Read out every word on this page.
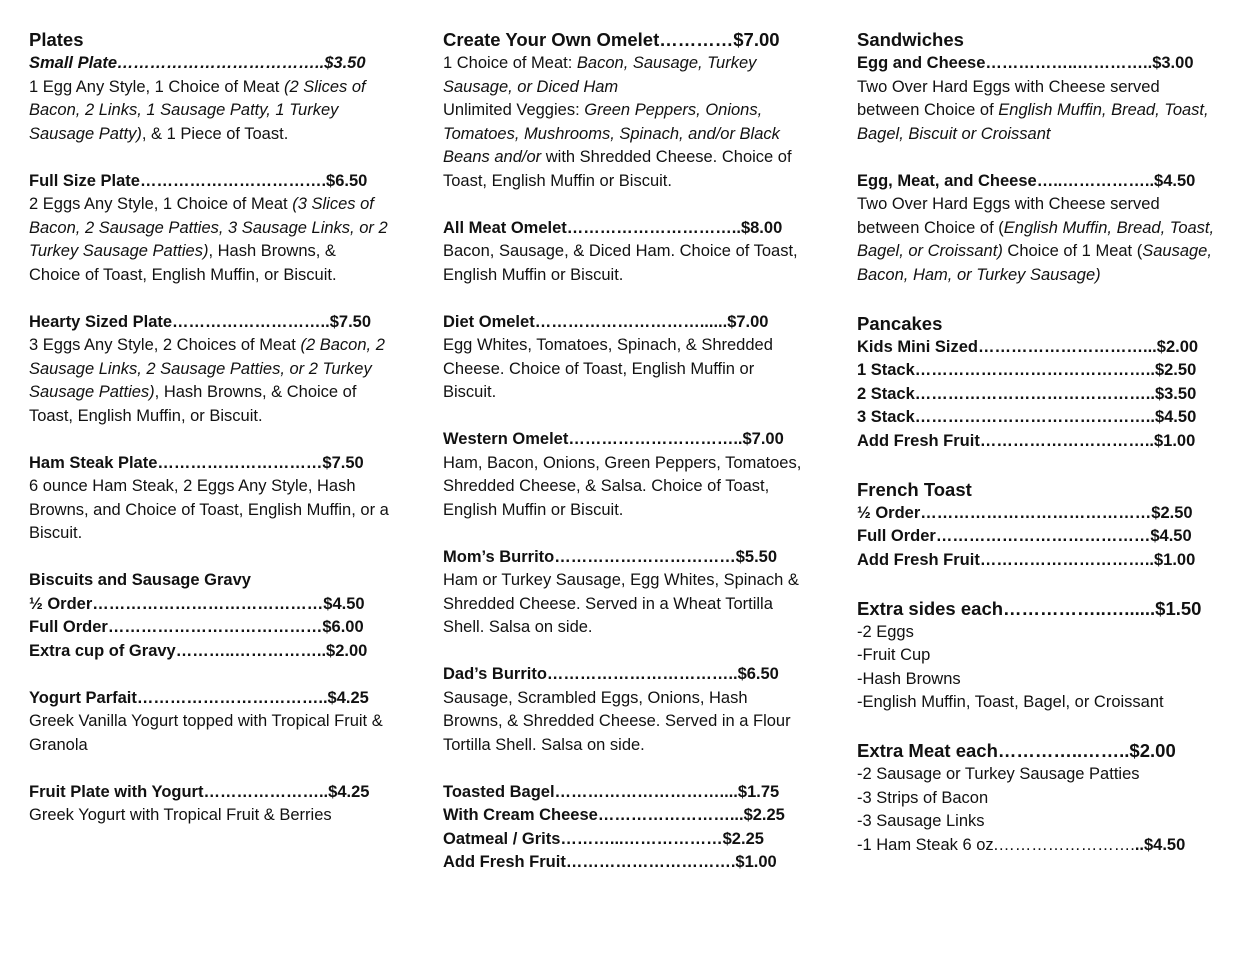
Plates
Small Plate………………………………..$3.50
1 Egg Any Style, 1 Choice of Meat (2 Slices of Bacon, 2 Links, 1 Sausage Patty, 1 Turkey Sausage Patty), & 1 Piece of Toast.
Full Size Plate…………………………….$6.50
2 Eggs Any Style, 1 Choice of Meat (3 Slices of Bacon, 2 Sausage Patties, 3 Sausage Links, or 2 Turkey Sausage Patties), Hash Browns, & Choice of Toast, English Muffin, or Biscuit.
Hearty Sized Plate………………………..$7.50
3 Eggs Any Style, 2 Choices of Meat (2 Bacon, 2 Sausage Links, 2 Sausage Patties, or 2 Turkey Sausage Patties), Hash Browns, & Choice of Toast, English Muffin, or Biscuit.
Ham Steak Plate…………………………$7.50
6 ounce Ham Steak, 2 Eggs Any Style, Hash Browns, and Choice of Toast, English Muffin, or a Biscuit.
Biscuits and Sausage Gravy
½ Order……………………………………$4.50
Full Order…………………………………$6.00
Extra cup of Gravy………..……………..$2.00
Yogurt Parfait……………………………..$4.25
Greek Vanilla Yogurt topped with Tropical Fruit & Granola
Fruit Plate with Yogurt…………………..$4.25
Greek Yogurt with Tropical Fruit & Berries
Create Your Own Omelet…………$7.00
1 Choice of Meat: Bacon, Sausage, Turkey Sausage, or Diced Ham
Unlimited Veggies: Green Peppers, Onions, Tomatoes, Mushrooms, Spinach, and/or Black Beans and/or with Shredded Cheese. Choice of Toast, English Muffin or Biscuit.
All Meat Omelet…………………………..$8.00
Bacon, Sausage, & Diced Ham. Choice of Toast, English Muffin or Biscuit.
Diet Omelet…………………………......$7.00
Egg Whites, Tomatoes, Spinach, & Shredded Cheese. Choice of Toast, English Muffin or Biscuit.
Western Omelet…………………………..$7.00
Ham, Bacon, Onions, Green Peppers, Tomatoes, Shredded Cheese, & Salsa. Choice of Toast, English Muffin or Biscuit.
Mom’s Burrito……………………………$5.50
Ham or Turkey Sausage, Egg Whites, Spinach & Shredded Cheese. Served in a Wheat Tortilla Shell. Salsa on side.
Dad’s Burrito……………………………..$6.50
Sausage, Scrambled Eggs, Onions, Hash Browns, & Shredded Cheese. Served in a Flour Tortilla Shell. Salsa on side.
Toasted Bagel…………………………....$1.75
With Cream Cheese……………………...$2.25
Oatmeal / Grits………...………………$2.25
Add Fresh Fruit………………………….$1.00
Sandwiches
Egg and Cheese……………..…………..$3.00
Two Over Hard Eggs with Cheese served between Choice of English Muffin, Bread, Toast, Bagel, Biscuit or Croissant
Egg, Meat, and Cheese…..……………..$4.50
Two Over Hard Eggs with Cheese served between Choice of (English Muffin, Bread, Toast, Bagel, or Croissant) Choice of 1 Meat (Sausage, Bacon, Ham, or Turkey Sausage)
Pancakes
Kids Mini Sized…………………………...$2.00
1 Stack……………………………………..$2.50
2 Stack……………………………………..$3.50
3 Stack……………………………………..$4.50
Add Fresh Fruit…………………………..$1.00
French Toast
½ Order……………………………………$2.50
Full Order…………………………………$4.50
Add Fresh Fruit…………………………..$1.00
Extra sides each……………..…......$1.50
-2 Eggs
-Fruit Cup
-Hash Browns
-English Muffin, Toast, Bagel, or Croissant
Extra Meat each…………..……..$2.00
-2 Sausage or Turkey Sausage Patties
-3 Strips of Bacon
-3 Sausage Links
-1 Ham Steak 6 oz.……………………...$4.50
